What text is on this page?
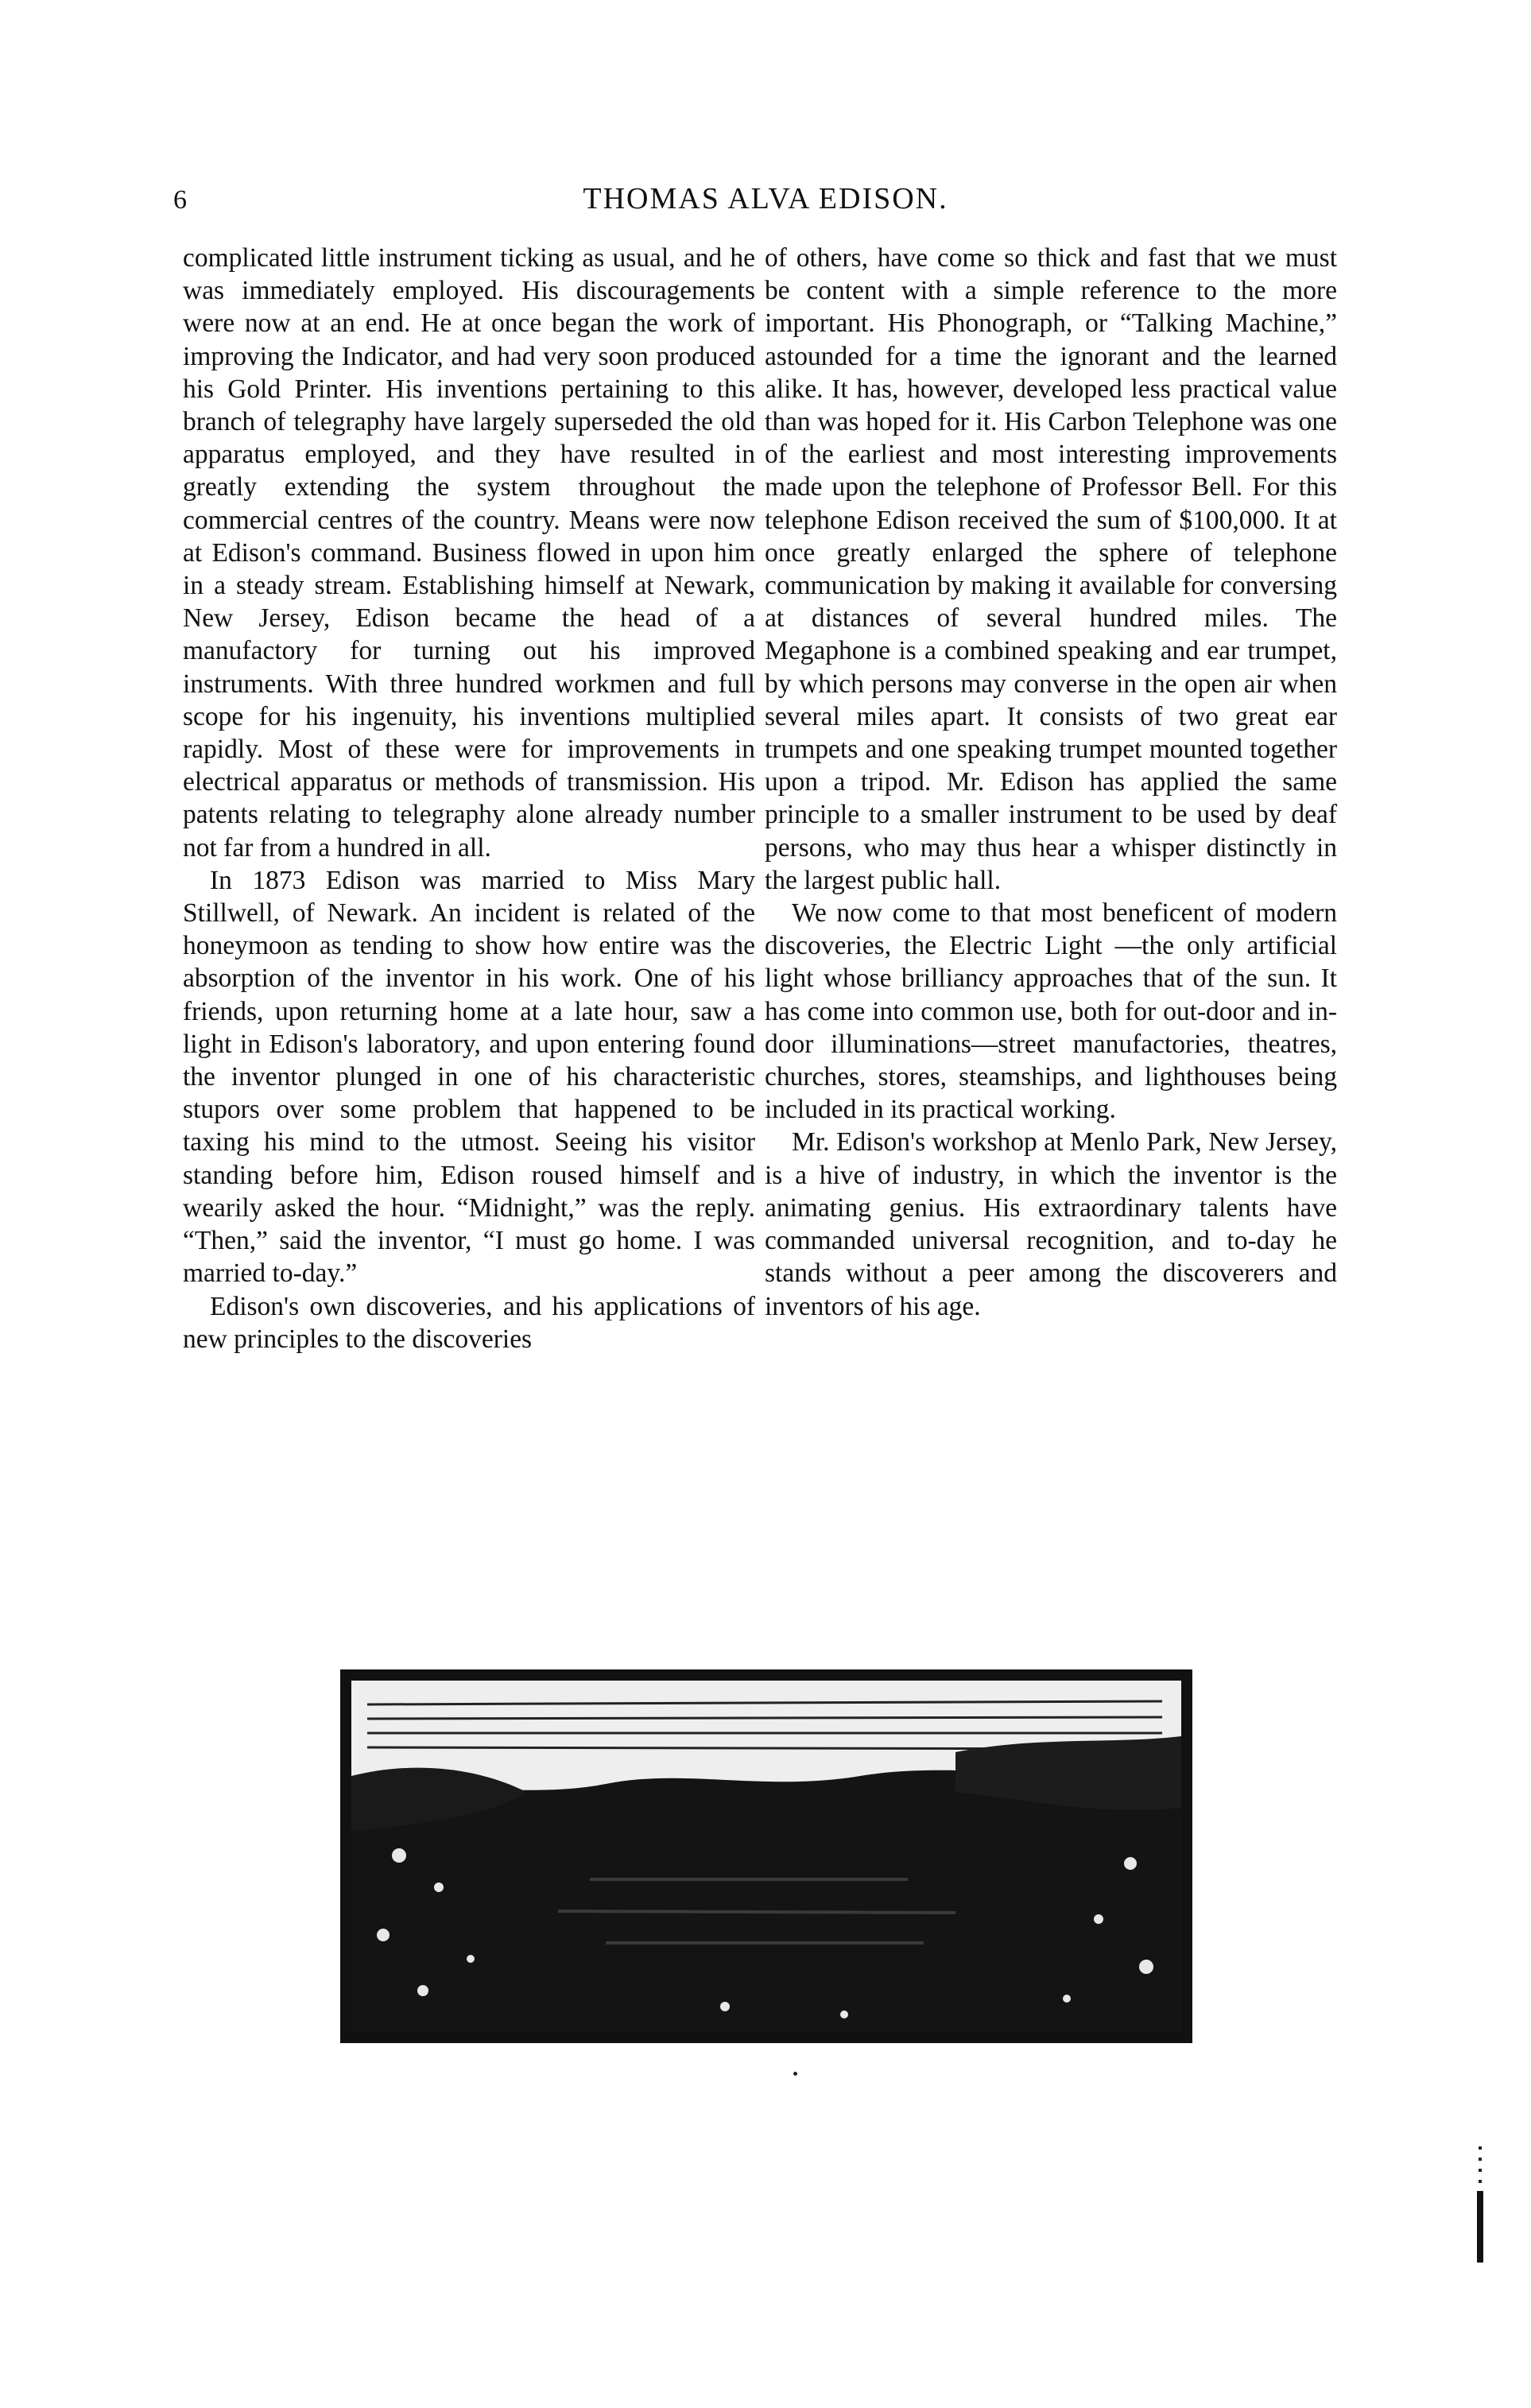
6	THOMAS ALVA EDISON.

complicated little instrument ticking as usual, and he was immediately employed. His discouragements were now at an end. He at once began the work of improving the Indicator, and had very soon produced his Gold Printer. His inventions pertaining to this branch of telegraphy have largely superseded the old apparatus employed, and they have resulted in greatly extending the system throughout the commercial centres of the country. Means were now at Edison's command. Business flowed in upon him in a steady stream. Establishing himself at Newark, New Jersey, Edison became the head of a manufactory for turning out his improved instruments. With three hundred workmen and full scope for his ingenuity, his inventions multiplied rapidly. Most of these were for improvements in electrical apparatus or methods of transmission. His patents relating to telegraphy alone already number not far from a hundred in all.

In 1873 Edison was married to Miss Mary Stillwell, of Newark. An incident is related of the honeymoon as tending to show how entire was the absorption of the inventor in his work. One of his friends, upon returning home at a late hour, saw a light in Edison's laboratory, and upon entering found the inventor plunged in one of his characteristic stupors over some problem that happened to be taxing his mind to the utmost. Seeing his visitor standing before him, Edison roused himself and wearily asked the hour. “Midnight,” was the reply. “Then,” said the inventor, “I must go home. I was married to-day.”

Edison's own discoveries, and his applications of new principles to the discoveries

of others, have come so thick and fast that we must be content with a simple reference to the more important. His Phonograph, or “Talking Machine,” astounded for a time the ignorant and the learned alike. It has, however, developed less practical value than was hoped for it. His Carbon Telephone was one of the earliest and most interesting improvements made upon the telephone of Professor Bell. For this telephone Edison received the sum of $100,000. It at once greatly enlarged the sphere of telephone communication by making it available for conversing at distances of several hundred miles. The Megaphone is a combined speaking and ear trumpet, by which persons may converse in the open air when several miles apart. It consists of two great ear trumpets and one speaking trumpet mounted together upon a tripod. Mr. Edison has applied the same principle to a smaller instrument to be used by deaf persons, who may thus hear a whisper distinctly in the largest public hall.

We now come to that most beneficent of modern discoveries, the Electric Light —the only artificial light whose brilliancy approaches that of the sun. It has come into common use, both for out-door and in-door illuminations—street manufactories, theatres, churches, stores, steamships, and lighthouses being included in its practical working.

Mr. Edison's workshop at Menlo Park, New Jersey, is a hive of industry, in which the inventor is the animating genius. His extraordinary talents have commanded universal recognition, and to-day he stands without a peer among the discoverers and inventors of his age.
